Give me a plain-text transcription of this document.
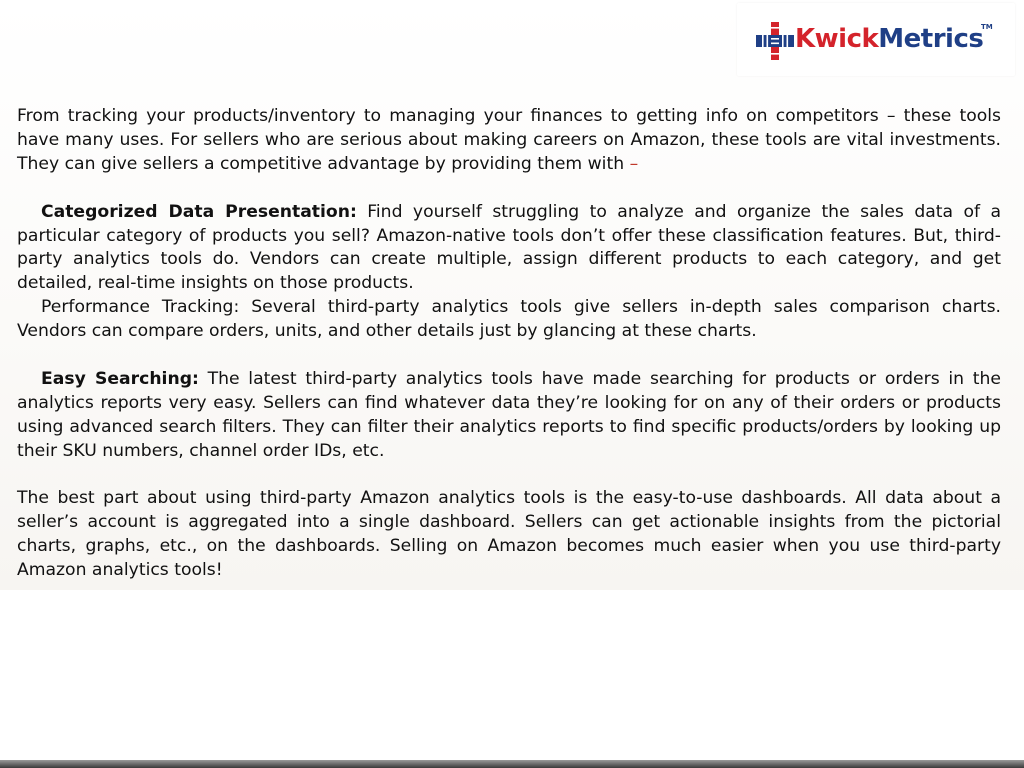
KwickMetrics
TM

From tracking your products/inventory to managing your finances to getting info on competitors – these tools have many uses. For sellers who are serious about making careers on Amazon, these tools are vital investments. They can give sellers a competitive advantage by providing them with –

Categorized Data Presentation: Find yourself struggling to analyze and organize the sales data of a particular category of products you sell? Amazon-native tools don’t offer these classification features. But, third-party analytics tools do. Vendors can create multiple, assign different products to each category, and get detailed, real-time insights on those products.

Performance Tracking: Several third-party analytics tools give sellers in-depth sales comparison charts. Vendors can compare orders, units, and other details just by glancing at these charts.

Easy Searching: The latest third-party analytics tools have made searching for products or orders in the analytics reports very easy. Sellers can find whatever data they’re looking for on any of their orders or products using advanced search filters. They can filter their analytics reports to find specific products/orders by looking up their SKU numbers, channel order IDs, etc.

The best part about using third-party Amazon analytics tools is the easy-to-use dashboards. All data about a seller’s account is aggregated into a single dashboard. Sellers can get actionable insights from the pictorial charts, graphs, etc., on the dashboards. Selling on Amazon becomes much easier when you use third-party Amazon analytics tools!
